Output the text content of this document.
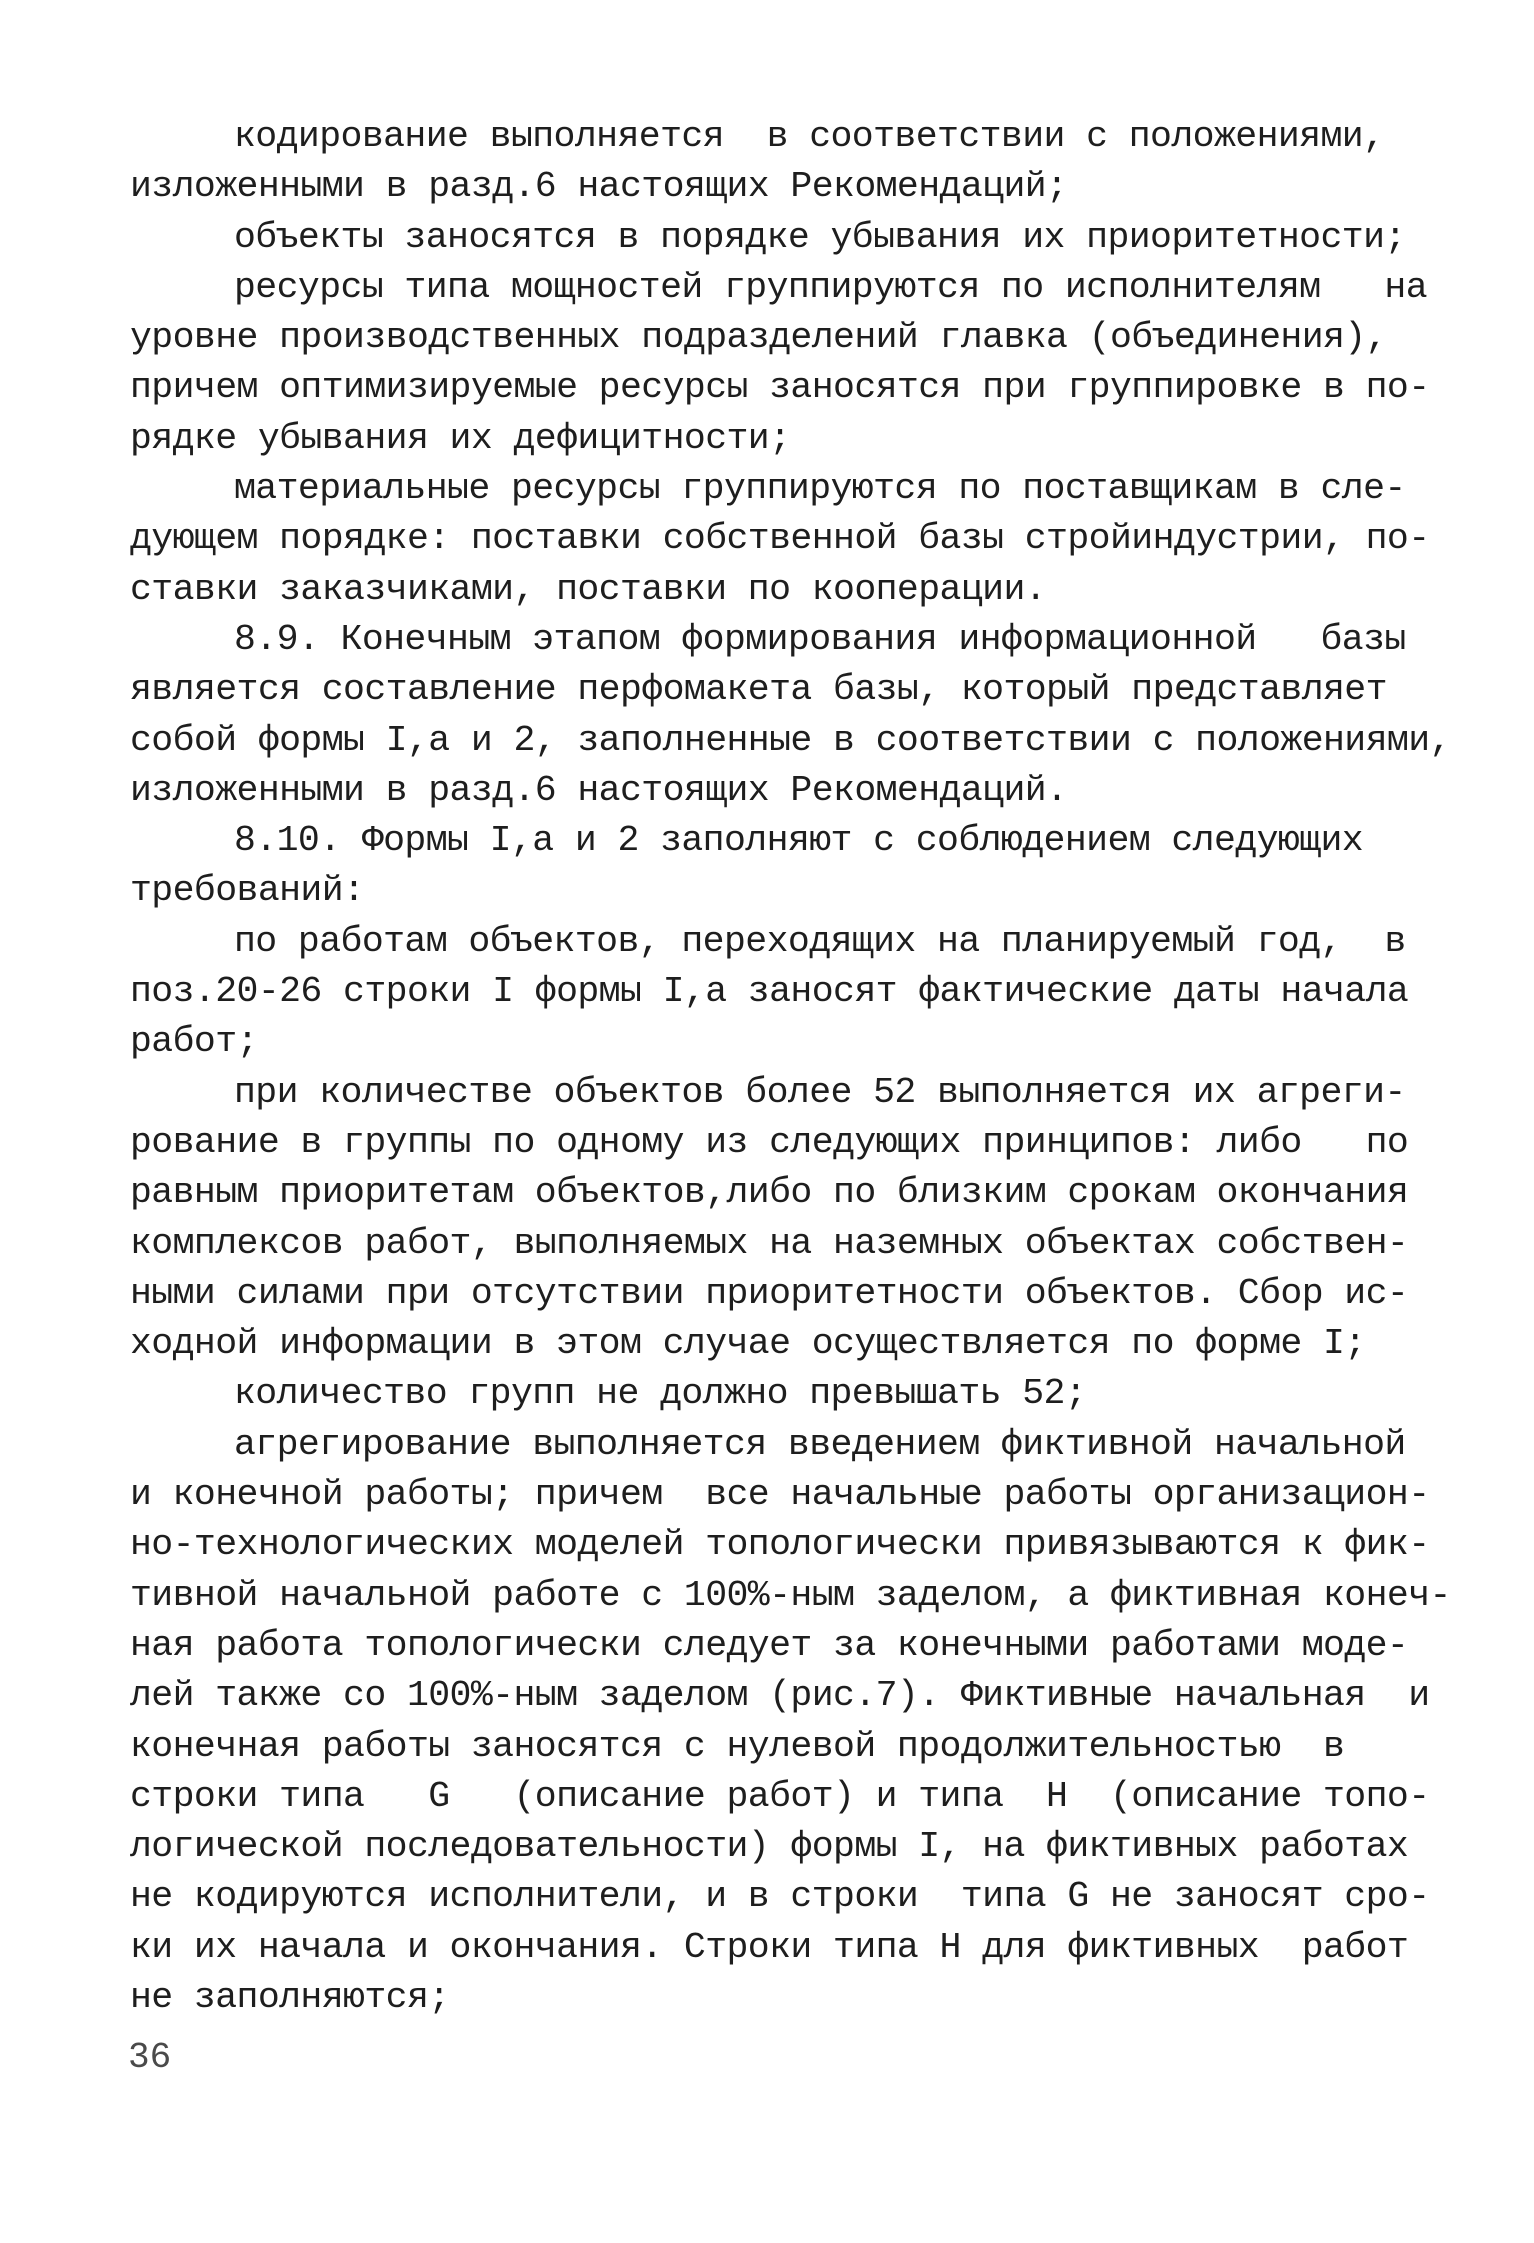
кодирование выполняется  в соответствии с положениями,
изложенными в разд.6 настоящих Рекомендаций;
объекты заносятся в порядке убывания их приоритетности;
ресурсы типа мощностей группируются по исполнителям   на
уровне производственных подразделений главка (объединения),
причем оптимизируемые ресурсы заносятся при группировке в по-
рядке убывания их дефицитности;
материальные ресурсы группируются по поставщикам в сле-
дующем порядке: поставки собственной базы стройиндустрии, по-
ставки заказчиками, поставки по кооперации.
8.9. Конечным этапом формирования информационной   базы
является составление перфомакета базы, который представляет
собой формы I,а и 2, заполненные в соответствии с положениями,
изложенными в разд.6 настоящих Рекомендаций.
8.10. Формы I,а и 2 заполняют с соблюдением следующих
требований:
по работам объектов, переходящих на планируемый год,  в
поз.20-26 строки I формы I,а заносят фактические даты начала
работ;
при количестве объектов более 52 выполняется их агреги-
рование в группы по одному из следующих принципов: либо   по
равным приоритетам объектов,либо по близким срокам окончания
комплексов работ, выполняемых на наземных объектах собствен-
ными силами при отсутствии приоритетности объектов. Сбор ис-
ходной информации в этом случае осуществляется по форме I;
количество групп не должно превышать 52;
агрегирование выполняется введением фиктивной начальной
и конечной работы; причем  все начальные работы организацион-
но-технологических моделей топологически привязываются к фик-
тивной начальной работе с 100%-ным заделом, а фиктивная конеч-
ная работа топологически следует за конечными работами моде-
лей также со 100%-ным заделом (рис.7). Фиктивные начальная  и
конечная работы заносятся с нулевой продолжительностью  в
строки типа   G   (описание работ) и типа  H  (описание топо-
логической последовательности) формы I, на фиктивных работах
не кодируются исполнители, и в строки  типа G не заносят сро-
ки их начала и окончания. Строки типа H для фиктивных  работ
не заполняются;
36
